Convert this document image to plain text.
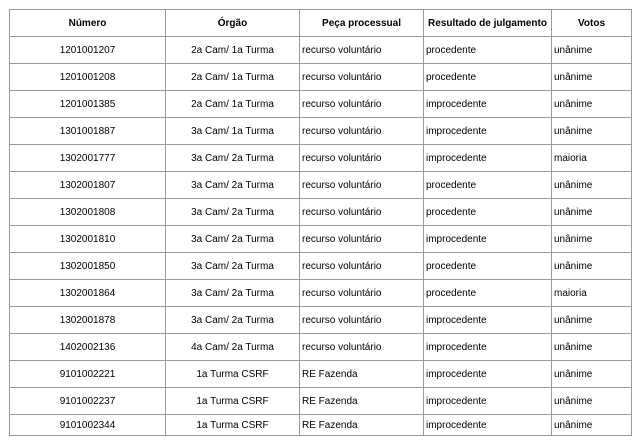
Número	Órgão	Peça processual	Resultado de julgamento	Votos
1201001207	2a Cam/ 1a Turma	recurso voluntário	procedente	unânime
1201001208	2a Cam/ 1a Turma	recurso voluntário	procedente	unânime
1201001385	2a Cam/ 1a Turma	recurso voluntário	improcedente	unânime
1301001887	3a Cam/ 1a Turma	recurso voluntário	improcedente	unânime
1302001777	3a Cam/ 2a Turma	recurso voluntário	improcedente	maioria
1302001807	3a Cam/ 2a Turma	recurso voluntário	procedente	unânime
1302001808	3a Cam/ 2a Turma	recurso voluntário	procedente	unânime
1302001810	3a Cam/ 2a Turma	recurso voluntário	improcedente	unânime
1302001850	3a Cam/ 2a Turma	recurso voluntário	procedente	unânime
1302001864	3a Cam/ 2a Turma	recurso voluntário	procedente	maioria
1302001878	3a Cam/ 2a Turma	recurso voluntário	improcedente	unânime
1402002136	4a Cam/ 2a Turma	recurso voluntário	improcedente	unânime
9101002221	1a Turma CSRF	RE Fazenda	improcedente	unânime
9101002237	1a Turma CSRF	RE Fazenda	improcedente	unânime
9101002344	1a Turma CSRF	RE Fazenda	improcedente	unânime
